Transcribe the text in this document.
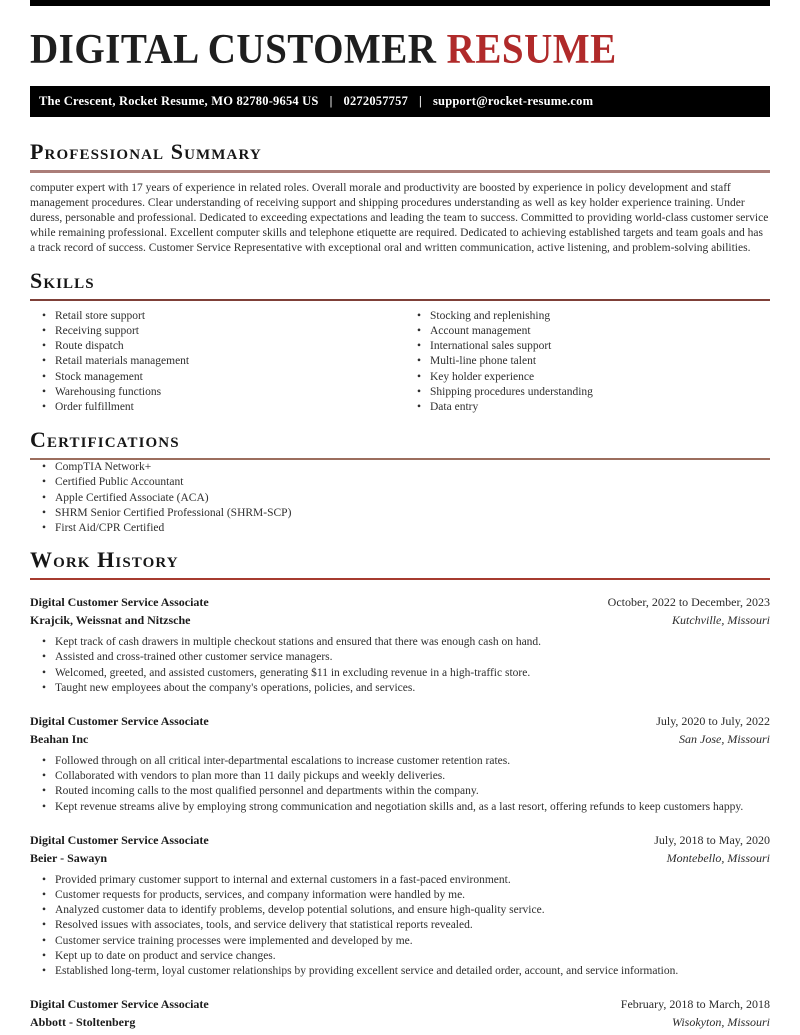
DIGITAL CUSTOMER RESUME
The Crescent, Rocket Resume, MO 82780-9654 US | 0272057757 | support@rocket-resume.com
Professional Summary

computer expert with 17 years of experience in related roles. Overall morale and productivity are boosted by experience in policy development and staff management procedures. Clear understanding of receiving support and shipping procedures understanding as well as key holder experience training. Under duress, personable and professional. Dedicated to exceeding expectations and leading the team to success. Committed to providing world-class customer service while remaining professional. Excellent computer skills and telephone etiquette are required. Dedicated to achieving established targets and team goals and has a track record of success. Customer Service Representative with exceptional oral and written communication, active listening, and problem-solving abilities.

Skills
• Retail store support
• Receiving support
• Route dispatch
• Retail materials management
• Stock management
• Warehousing functions
• Order fulfillment
• Stocking and replenishing
• Account management
• International sales support
• Multi-line phone talent
• Key holder experience
• Shipping procedures understanding
• Data entry
Certifications
• CompTIA Network+
• Certified Public Accountant
• Apple Certified Associate (ACA)
• SHRM Senior Certified Professional (SHRM-SCP)
• First Aid/CPR Certified
Work History
Digital Customer Service Associate	October, 2022 to December, 2023
Krajcik, Weissnat and Nitzsche	Kutchville, Missouri
• Kept track of cash drawers in multiple checkout stations and ensured that there was enough cash on hand.
• Assisted and cross-trained other customer service managers.
• Welcomed, greeted, and assisted customers, generating $11 in excluding revenue in a high-traffic store.
• Taught new employees about the company's operations, policies, and services.
Digital Customer Service Associate	July, 2020 to July, 2022
Beahan Inc	San Jose, Missouri
• Followed through on all critical inter-departmental escalations to increase customer retention rates.
• Collaborated with vendors to plan more than 11 daily pickups and weekly deliveries.
• Routed incoming calls to the most qualified personnel and departments within the company.
• Kept revenue streams alive by employing strong communication and negotiation skills and, as a last resort, offering refunds to keep customers happy.
Digital Customer Service Associate	July, 2018 to May, 2020
Beier - Sawayn	Montebello, Missouri
• Provided primary customer support to internal and external customers in a fast-paced environment.
• Customer requests for products, services, and company information were handled by me.
• Analyzed customer data to identify problems, develop potential solutions, and ensure high-quality service.
• Resolved issues with associates, tools, and service delivery that statistical reports revealed.
• Customer service training processes were implemented and developed by me.
• Kept up to date on product and service changes.
• Established long-term, loyal customer relationships by providing excellent service and detailed order, account, and service information.
Digital Customer Service Associate	February, 2018 to March, 2018
Abbott - Stoltenberg	Wisokyton, Missouri
